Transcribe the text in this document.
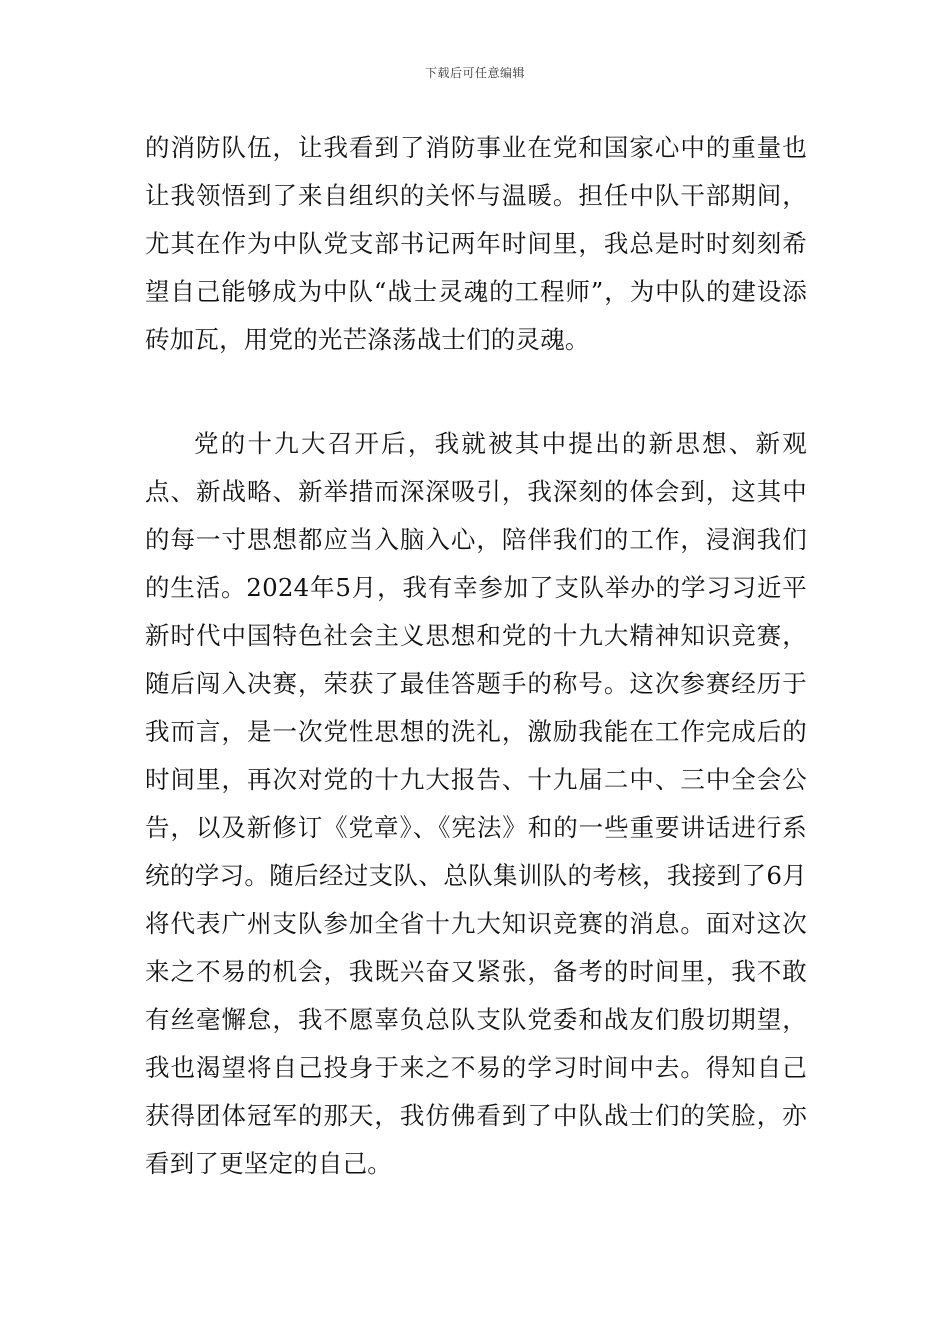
下载后可任意编辑

的消防队伍，让我看到了消防事业在党和国家心中的重量也让我领悟到了来自组织的关怀与温暖。担任中队干部期间，尤其在作为中队党支部书记两年时间里，我总是时时刻刻希望自己能够成为中队“战士灵魂的工程师”，为中队的建设添砖加瓦，用党的光芒涤荡战士们的灵魂。

党的十九大召开后，我就被其中提出的新思想、新观点、新战略、新举措而深深吸引，我深刻的体会到，这其中的每一寸思想都应当入脑入心，陪伴我们的工作，浸润我们的生活。2024年5月，我有幸参加了支队举办的学习习近平新时代中国特色社会主义思想和党的十九大精神知识竞赛，随后闯入决赛，荣获了最佳答题手的称号。这次参赛经历于我而言，是一次党性思想的洗礼，激励我能在工作完成后的时间里，再次对党的十九大报告、十九届二中、三中全会公告，以及新修订《党章》、《宪法》和的一些重要讲话进行系统的学习。随后经过支队、总队集训队的考核，我接到了6月将代表广州支队参加全省十九大知识竞赛的消息。面对这次来之不易的机会，我既兴奋又紧张，备考的时间里，我不敢有丝毫懈怠，我不愿辜负总队支队党委和战友们殷切期望，我也渴望将自己投身于来之不易的学习时间中去。得知自己获得团体冠军的那天，我仿佛看到了中队战士们的笑脸，亦看到了更坚定的自己。
